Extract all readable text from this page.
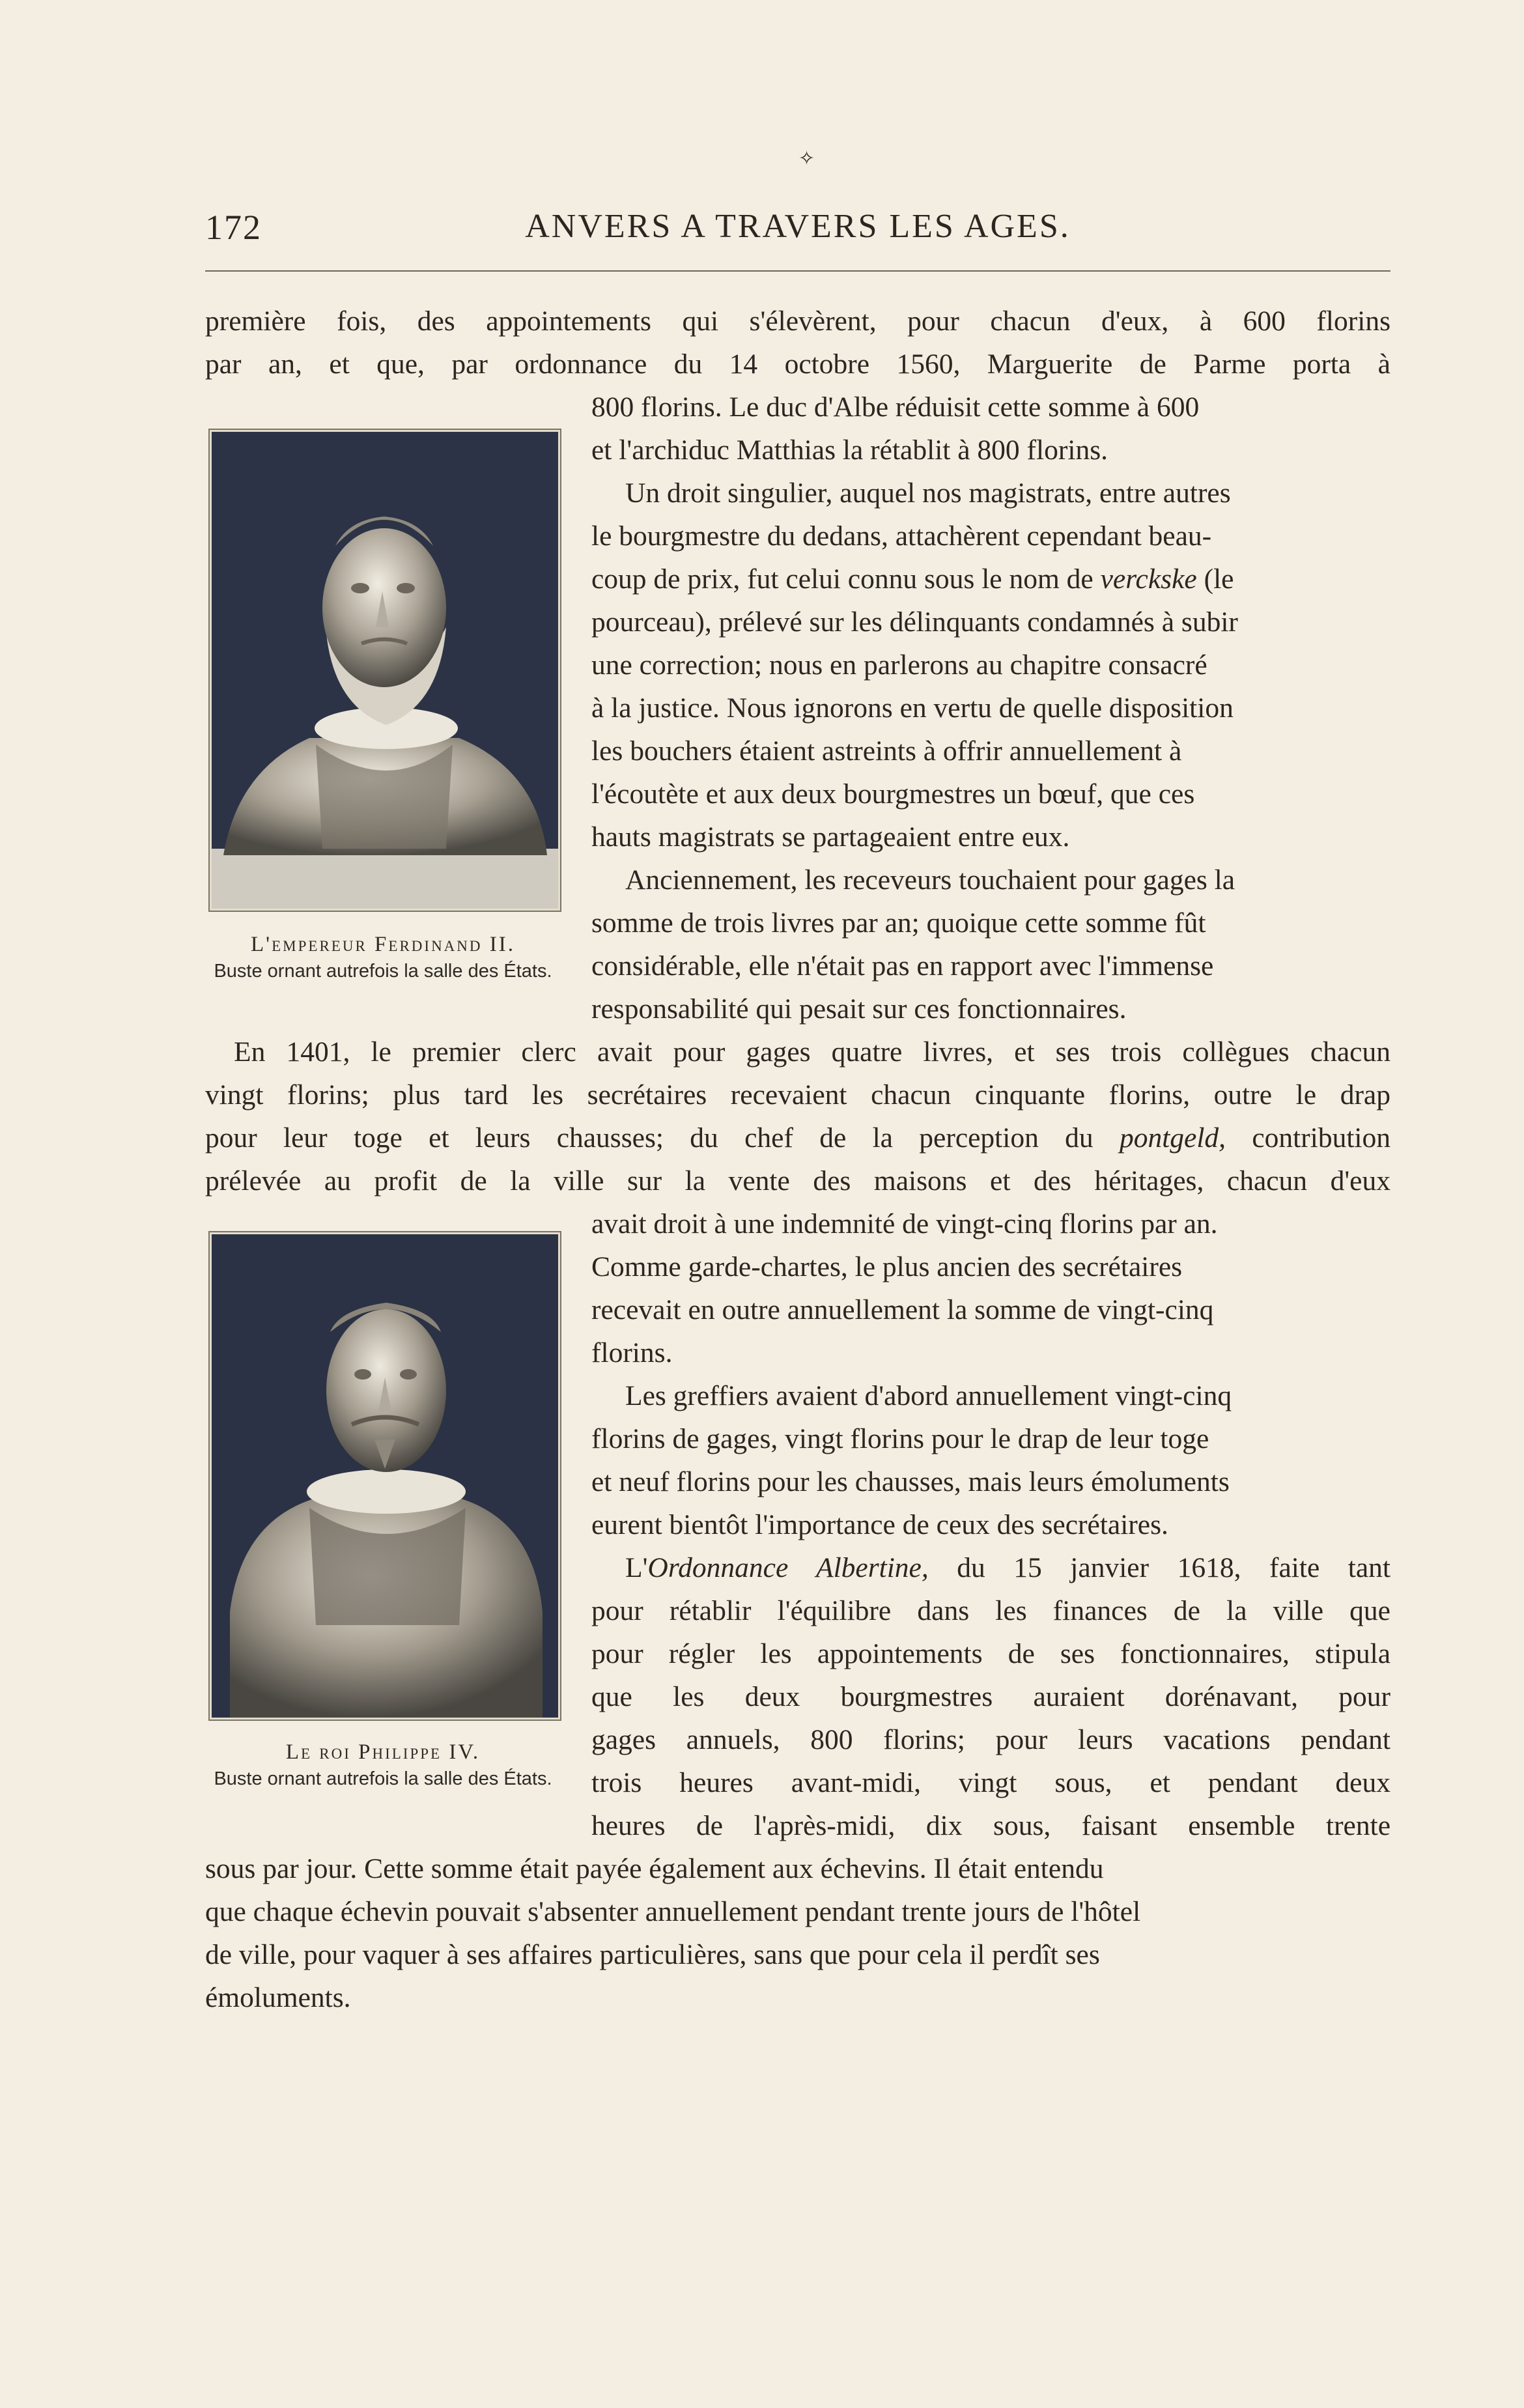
✧
172	ANVERS A TRAVERS LES AGES.
première fois, des appointements qui s'élevèrent, pour chacun d'eux, à 600 florins
par an, et que, par ordonnance du 14 octobre 1560, Marguerite de Parme porta à
800 florins. Le duc d'Albe réduisit cette somme à 600
et l'archiduc Matthias la rétablit à 800 florins.
Un droit singulier, auquel nos magistrats, entre autres
le bourgmestre du dedans, attachèrent cependant beau-
coup de prix, fut celui connu sous le nom de verckske (le
pourceau), prélevé sur les délinquants condamnés à subir
une correction; nous en parlerons au chapitre consacré
à la justice. Nous ignorons en vertu de quelle disposition
les bouchers étaient astreints à offrir annuellement à
l'écoutète et aux deux bourgmestres un bœuf, que ces
hauts magistrats se partageaient entre eux.
Anciennement, les receveurs touchaient pour gages la
somme de trois livres par an; quoique cette somme fût
considérable, elle n'était pas en rapport avec l'immense
responsabilité qui pesait sur ces fonctionnaires.
En 1401, le premier clerc avait pour gages quatre livres, et ses trois collègues chacun
vingt florins; plus tard les secrétaires recevaient chacun cinquante florins, outre le drap
pour leur toge et leurs chausses; du chef de la perception du pontgeld, contribution
prélevée au profit de la ville sur la vente des maisons et des héritages, chacun d'eux
avait droit à une indemnité de vingt-cinq florins par an.
Comme garde-chartes, le plus ancien des secrétaires
recevait en outre annuellement la somme de vingt-cinq
florins.
Les greffiers avaient d'abord annuellement vingt-cinq
florins de gages, vingt florins pour le drap de leur toge
et neuf florins pour les chausses, mais leurs émoluments
eurent bientôt l'importance de ceux des secrétaires.
L'Ordonnance Albertine, du 15 janvier 1618, faite tant
pour rétablir l'équilibre dans les finances de la ville que
pour régler les appointements de ses fonctionnaires, stipula
que les deux bourgmestres auraient dorénavant, pour
gages annuels, 800 florins; pour leurs vacations pendant
trois heures avant-midi, vingt sous, et pendant deux
heures de l'après-midi, dix sous, faisant ensemble trente
sous par jour. Cette somme était payée également aux échevins. Il était entendu
que chaque échevin pouvait s'absenter annuellement pendant trente jours de l'hôtel
de ville, pour vaquer à ses affaires particulières, sans que pour cela il perdît ses
émoluments.
L'empereur Ferdinand II.
Buste ornant autrefois la salle des États.
Le roi Philippe IV.
Buste ornant autrefois la salle des États.
